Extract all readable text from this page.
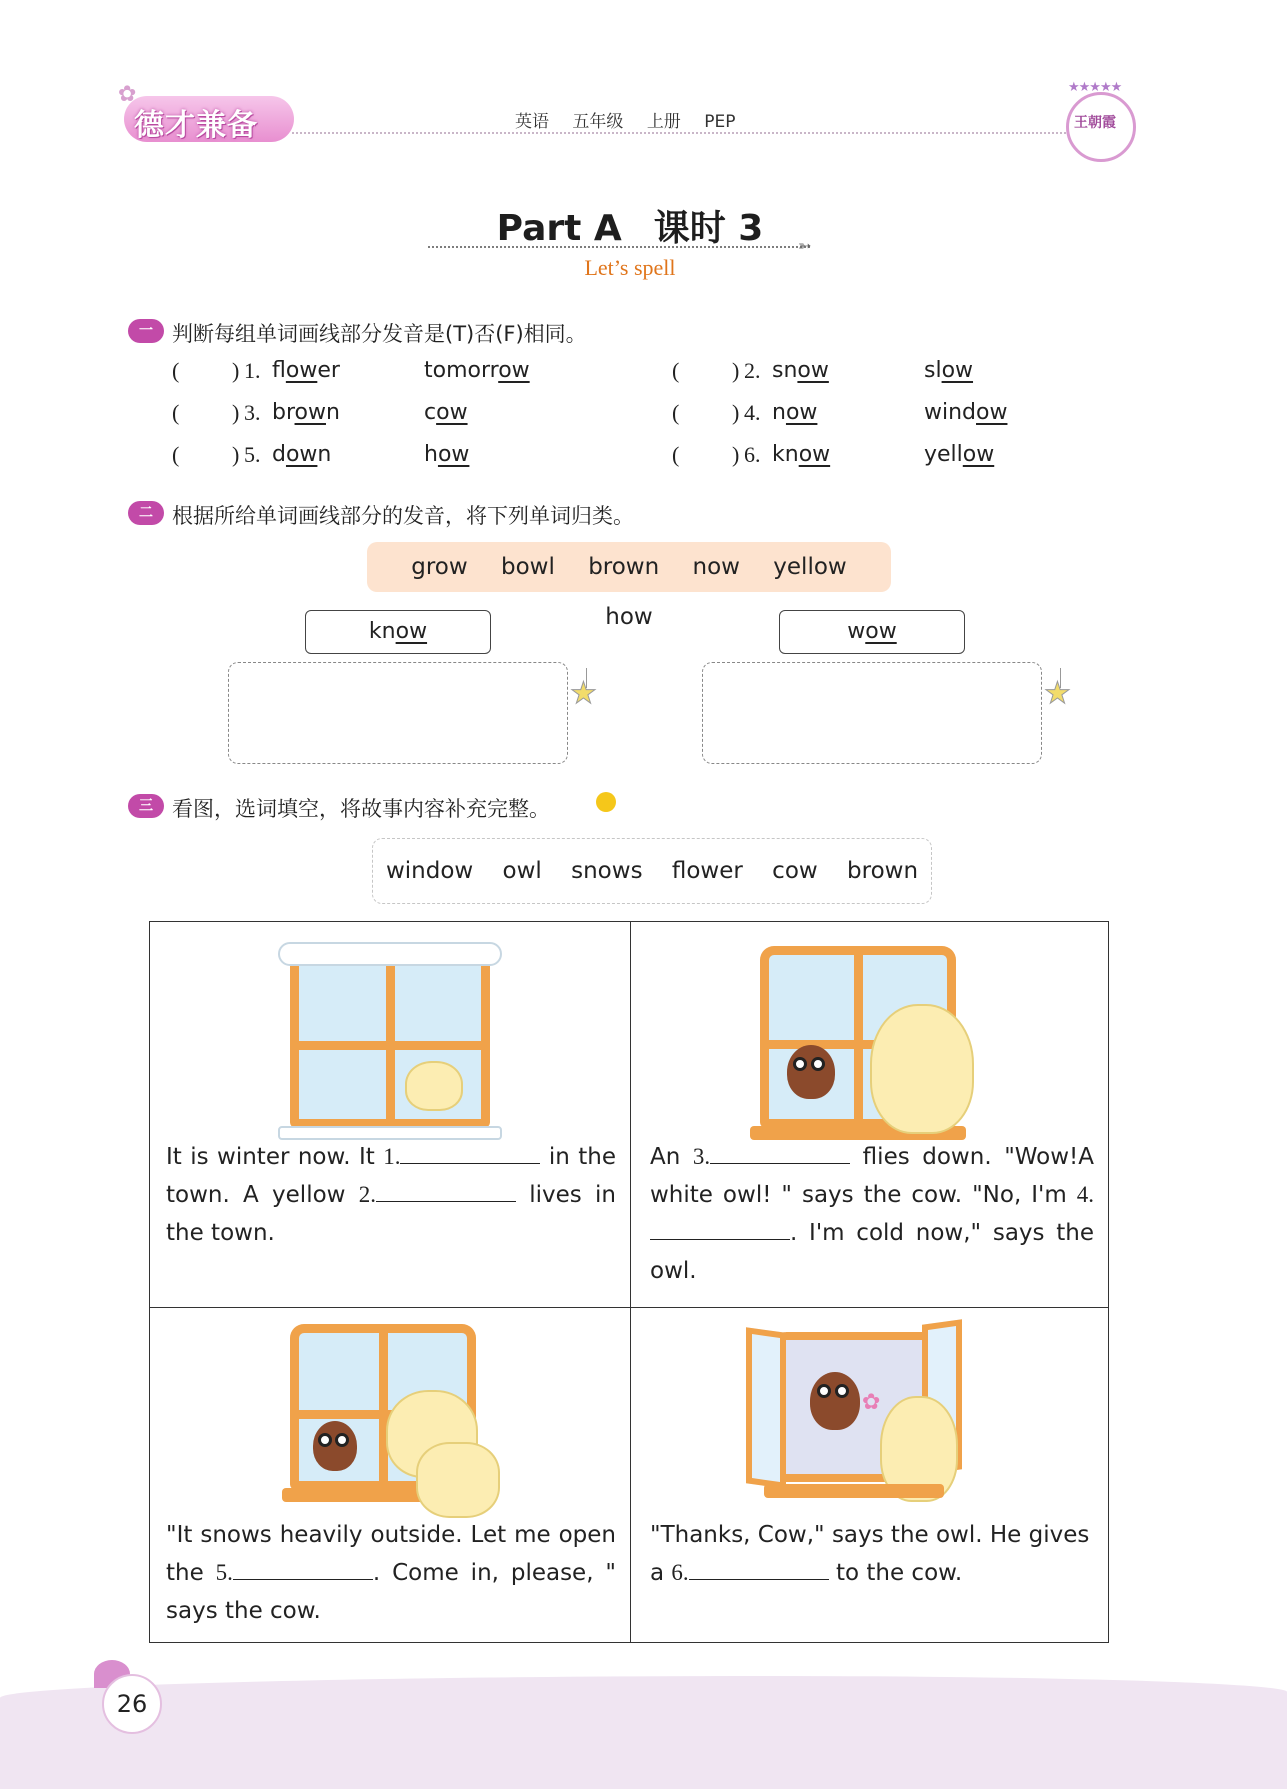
✿
德才兼备	英语 五年级 上册 PEP
★★★★★
王朝霞
Part A 课时 3	➳
Let’s spell
一 判断每组单词画线部分发音是(T)否(F)相同。
( ) 1. flower	tomorrow	( ) 2. snow	slow
( ) 3. brown	cow	( ) 4. now	window
( ) 5. down	how	( ) 6. know	yellow
二 根据所给单词画线部分的发音，将下列单词归类。
grow bowl brown now yellow how
know
★
wow
★
三 看图，选词填空，将故事内容补充完整。
window owl snows flower cow brown
✿
It is winter now. It 1.	in the town. A yellow 2.	lives in the town.
An 3.	flies down. "Wow!A white owl! " says the cow. "No, I'm 4.. I'm cold now," says the owl.
"It snows heavily outside. Let me open the 5.	. Come in, please, " says the cow.
"Thanks, Cow," says the owl. He gives a 6.	to the cow.
26
